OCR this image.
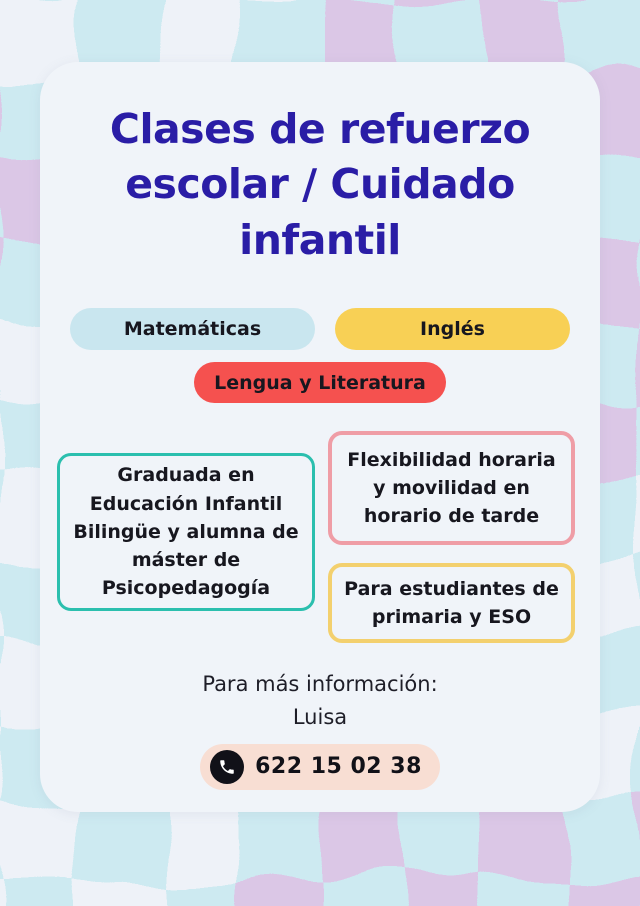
Clases de refuerzo escolar / Cuidado infantil
Matemáticas	Inglés
Lengua y Literatura
Graduada en Educación Infantil Bilingüe y alumna de máster de Psicopedagogía
Flexibilidad horaria y movilidad en horario de tarde
Para estudiantes de primaria y ESO

Para más información:

Luisa

622 15 02 38
